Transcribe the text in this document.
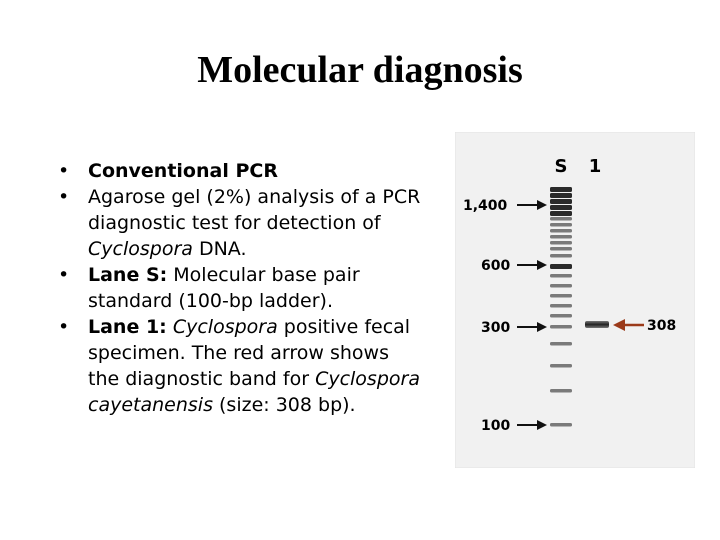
Molecular diagnosis
• Conventional PCR
• Agarose gel (2%) analysis of a PCR diagnostic test for detection of Cyclospora DNA.
• Lane S: Molecular base pair standard (100-bp ladder).
• Lane 1: Cyclospora positive fecal specimen. The red arrow shows the diagnostic band for Cyclospora cayetanensis (size: 308 bp).
S 1
1,400
600
300
100
308
